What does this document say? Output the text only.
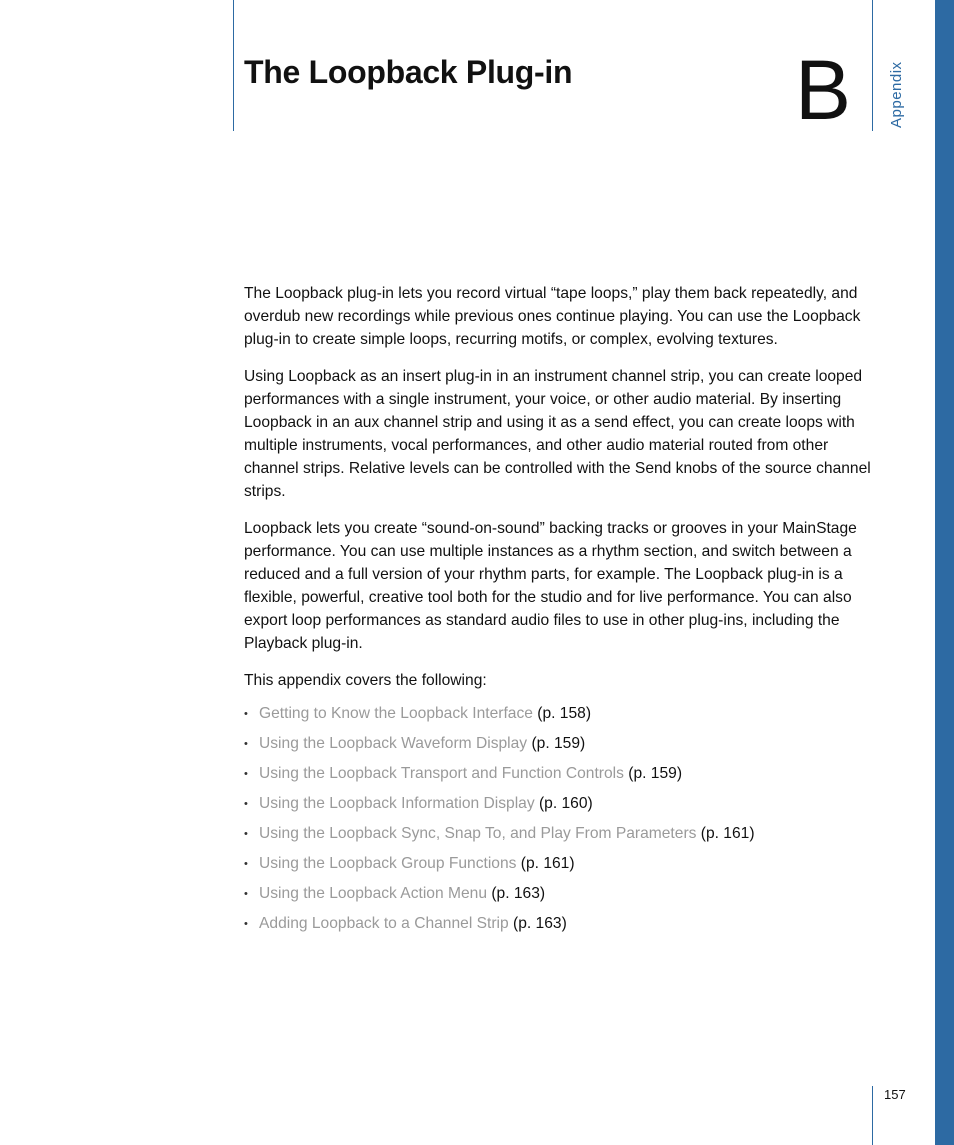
The Loopback Plug-in	B Appendix

The Loopback plug-in lets you record virtual “tape loops,” play them back repeatedly, and overdub new recordings while previous ones continue playing. You can use the Loopback plug-in to create simple loops, recurring motifs, or complex, evolving textures.

Using Loopback as an insert plug-in in an instrument channel strip, you can create looped performances with a single instrument, your voice, or other audio material. By inserting Loopback in an aux channel strip and using it as a send effect, you can create loops with multiple instruments, vocal performances, and other audio material routed from other channel strips. Relative levels can be controlled with the Send knobs of the source channel strips.

Loopback lets you create “sound-on-sound” backing tracks or grooves in your MainStage performance. You can use multiple instances as a rhythm section, and switch between a reduced and a full version of your rhythm parts, for example. The Loopback plug-in is a flexible, powerful, creative tool both for the studio and for live performance. You can also export loop performances as standard audio files to use in other plug-ins, including the Playback plug-in.

This appendix covers the following:

• Getting to Know the Loopback Interface (p. 158)
• Using the Loopback Waveform Display (p. 159)
• Using the Loopback Transport and Function Controls (p. 159)
• Using the Loopback Information Display (p. 160)
• Using the Loopback Sync, Snap To, and Play From Parameters (p. 161)
• Using the Loopback Group Functions (p. 161)
• Using the Loopback Action Menu (p. 163)
• Adding Loopback to a Channel Strip (p. 163)
157
